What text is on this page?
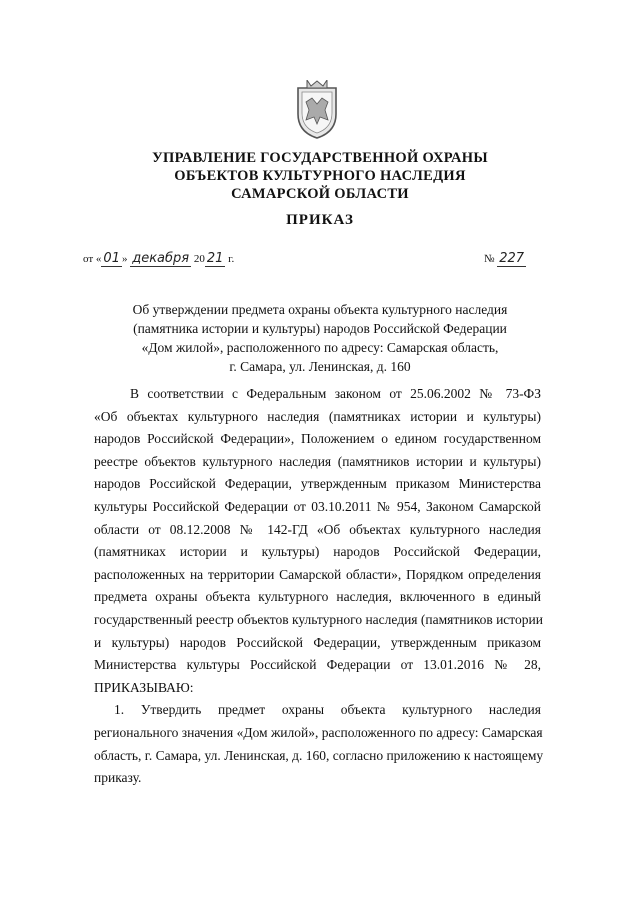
УПРАВЛЕНИЕ ГОСУДАРСТВЕННОЙ ОХРАНЫ
ОБЪЕКТОВ КУЛЬТУРНОГО НАСЛЕДИЯ
САМАРСКОЙ ОБЛАСТИ
ПРИКАЗ
от « 01 » декабря 20 21 г.	№ 227
Об утверждении предмета охраны объекта культурного наследия
(памятника истории и культуры) народов Российской Федерации
«Дом жилой», расположенного по адресу: Самарская область,
г. Самара, ул. Ленинская, д. 160
В соответствии с Федеральным законом от 25.06.2002 № 73-ФЗ
«Об объектах культурного наследия (памятниках истории и культуры)
народов Российской Федерации», Положением о едином государственном
реестре объектов культурного наследия (памятников истории и культуры)
народов Российской Федерации, утвержденным приказом Министерства
культуры Российской Федерации от 03.10.2011 № 954, Законом Самарской
области от 08.12.2008 № 142-ГД «Об объектах культурного наследия
(памятниках истории и культуры) народов Российской Федерации,
расположенных на территории Самарской области», Порядком определения
предмета охраны объекта культурного наследия, включенного в единый
государственный реестр объектов культурного наследия (памятников истории
и культуры) народов Российской Федерации, утвержденным приказом
Министерства культуры Российской Федерации от 13.01.2016 № 28,
ПРИКАЗЫВАЮ:
1. Утвердить предмет охраны объекта культурного наследия
регионального значения «Дом жилой», расположенного по адресу: Самарская
область, г. Самара, ул. Ленинская, д. 160, согласно приложению к настоящему
приказу.
